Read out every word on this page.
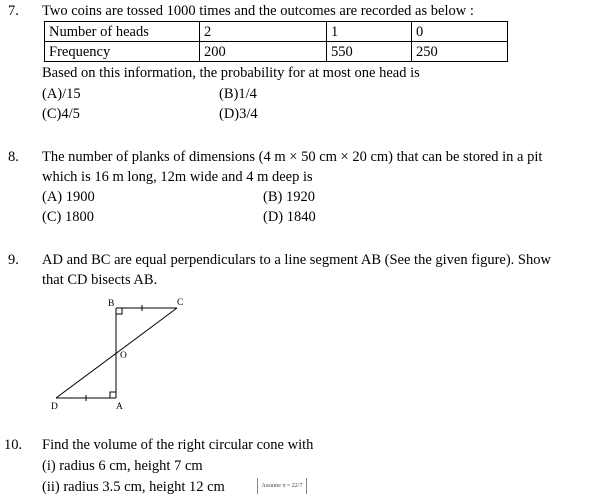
7. Two coins are tossed 1000 times and the outcomes are recorded as below :
Number of heads	2	1	0
Frequency	200	550	250
Based on this information, the probability for at most one head is
(A)/15	(B)1/4
(C)4/5	(D)3/4
8. The number of planks of dimensions (4 m × 50 cm × 20 cm) that can be stored in a pit
which is 16 m long, 12m wide and 4 m deep is
(A) 1900	(B) 1920
(C) 1800	(D) 1840
9. AD and BC are equal perpendiculars to a line segment AB (See the given figure). Show
that CD bisects AB.
B	C
O
D	A
10. Find the volume of the right circular cone with
(i) radius 6 cm, height 7 cm
(ii) radius 3.5 cm, height 12 cm	Assume π = 22/7
